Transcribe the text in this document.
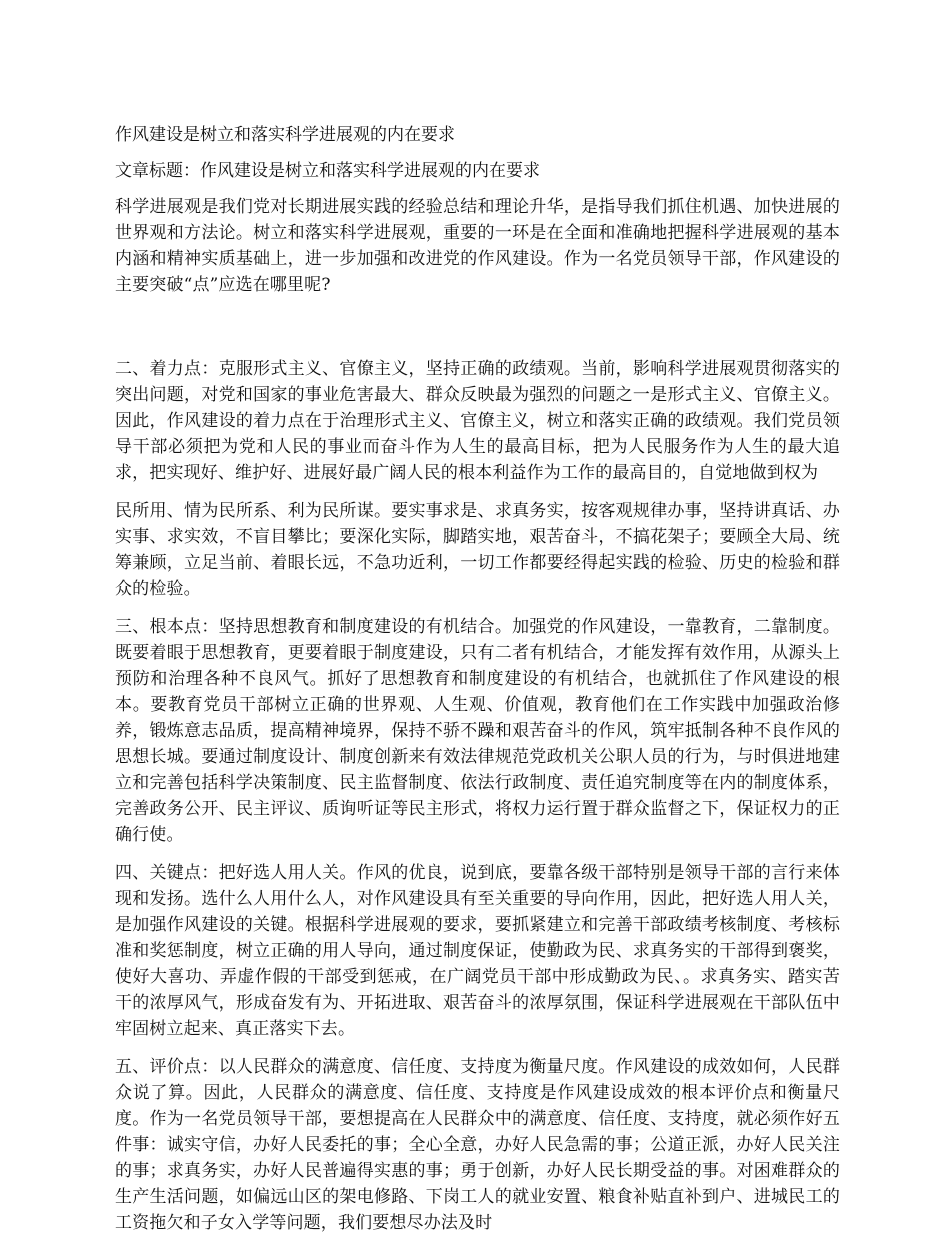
作风建设是树立和落实科学进展观的内在要求
文章标题：作风建设是树立和落实科学进展观的内在要求

科学进展观是我们党对长期进展实践的经验总结和理论升华，是指导我们抓住机遇、加快进展的世界观和方法论。树立和落实科学进展观，重要的一环是在全面和准确地把握科学进展观的基本内涵和精神实质基础上，进一步加强和改进党的作风建设。作为一名党员领导干部，作风建设的主要突破“点”应选在哪里呢?

二、着力点：克服形式主义、官僚主义，坚持正确的政绩观。当前，影响科学进展观贯彻落实的突出问题，对党和国家的事业危害最大、群众反映最为强烈的问题之一是形式主义、官僚主义。因此，作风建设的着力点在于治理形式主义、官僚主义，树立和落实正确的政绩观。我们党员领导干部必须把为党和人民的事业而奋斗作为人生的最高目标，把为人民服务作为人生的最大追求，把实现好、维护好、进展好最广阔人民的根本利益作为工作的最高目的，自觉地做到权为

民所用、情为民所系、利为民所谋。要实事求是、求真务实，按客观规律办事，坚持讲真话、办实事、求实效，不盲目攀比；要深化实际，脚踏实地，艰苦奋斗，不搞花架子；要顾全大局、统筹兼顾，立足当前、着眼长远，不急功近利，一切工作都要经得起实践的检验、历史的检验和群众的检验。

三、根本点：坚持思想教育和制度建设的有机结合。加强党的作风建设，一靠教育，二靠制度。既要着眼于思想教育，更要着眼于制度建设，只有二者有机结合，才能发挥有效作用，从源头上预防和治理各种不良风气。抓好了思想教育和制度建设的有机结合，也就抓住了作风建设的根本。要教育党员干部树立正确的世界观、人生观、价值观，教育他们在工作实践中加强政治修养，锻炼意志品质，提高精神境界，保持不骄不躁和艰苦奋斗的作风，筑牢抵制各种不良作风的思想长城。要通过制度设计、制度创新来有效法律规范党政机关公职人员的行为，与时俱进地建立和完善包括科学决策制度、民主监督制度、依法行政制度、责任追究制度等在内的制度体系，完善政务公开、民主评议、质询听证等民主形式，将权力运行置于群众监督之下，保证权力的正确行使。

四、关键点：把好选人用人关。作风的优良，说到底，要靠各级干部特别是领导干部的言行来体现和发扬。选什么人用什么人，对作风建设具有至关重要的导向作用，因此，把好选人用人关，是加强作风建设的关键。根据科学进展观的要求，要抓紧建立和完善干部政绩考核制度、考核标准和奖惩制度，树立正确的用人导向，通过制度保证，使勤政为民、求真务实的干部得到褒奖，使好大喜功、弄虚作假的干部受到惩戒，在广阔党员干部中形成勤政为民、。求真务实、踏实苦干的浓厚风气，形成奋发有为、开拓进取、艰苦奋斗的浓厚氛围，保证科学进展观在干部队伍中牢固树立起来、真正落实下去。

五、评价点：以人民群众的满意度、信任度、支持度为衡量尺度。作风建设的成效如何，人民群众说了算。因此，人民群众的满意度、信任度、支持度是作风建设成效的根本评价点和衡量尺度。作为一名党员领导干部，要想提高在人民群众中的满意度、信任度、支持度，就必须作好五件事：诚实守信，办好人民委托的事；全心全意，办好人民急需的事；公道正派，办好人民关注的事；求真务实，办好人民普遍得实惠的事；勇于创新，办好人民长期受益的事。对困难群众的生产生活问题，如偏远山区的架电修路、下岗工人的就业安置、粮食补贴直补到户、进城民工的工资拖欠和子女入学等问题，我们要想尽办法及时
